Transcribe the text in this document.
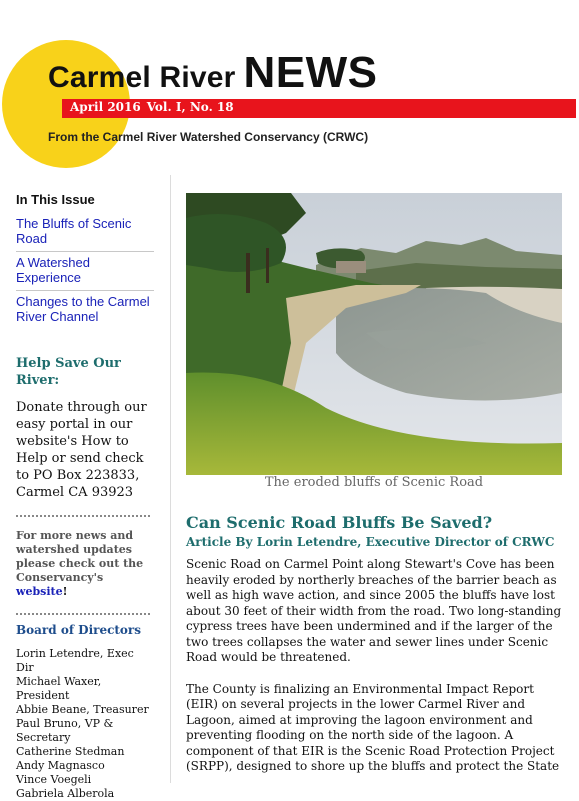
Carmel River NEWS
April 2016 Vol. I, No. 18
From the Carmel River Watershed Conservancy (CRWC)
In This Issue
The Bluffs of Scenic Road
A Watershed Experience
Changes to the Carmel River Channel
Help Save Our River:
Donate through our easy portal in our website's How to Help or send check to PO Box 223833, Carmel CA 93923
For more news and watershed updates please check out the Conservancy's website!
Board of Directors
Lorin Letendre, Exec Dir
Michael Waxer, President
Abbie Beane, Treasurer
Paul Bruno, VP & Secretary
Catherine Stedman
Andy Magnasco
Vince Voegeli
Gabriela Alberola
The eroded bluffs of Scenic Road
Can Scenic Road Bluffs Be Saved?
Article By Lorin Letendre, Executive Director of CRWC

Scenic Road on Carmel Point along Stewart's Cove has been heavily eroded by northerly breaches of the barrier beach as well as high wave action, and since 2005 the bluffs have lost about 30 feet of their width from the road. Two long-standing cypress trees have been undermined and if the larger of the two trees collapses the water and sewer lines under Scenic Road would be threatened.

The County is finalizing an Environmental Impact Report (EIR) on several projects in the lower Carmel River and Lagoon, aimed at improving the lagoon environment and preventing flooding on the north side of the lagoon. A component of that EIR is the Scenic Road Protection Project (SRPP), designed to shore up the bluffs and protect the State
